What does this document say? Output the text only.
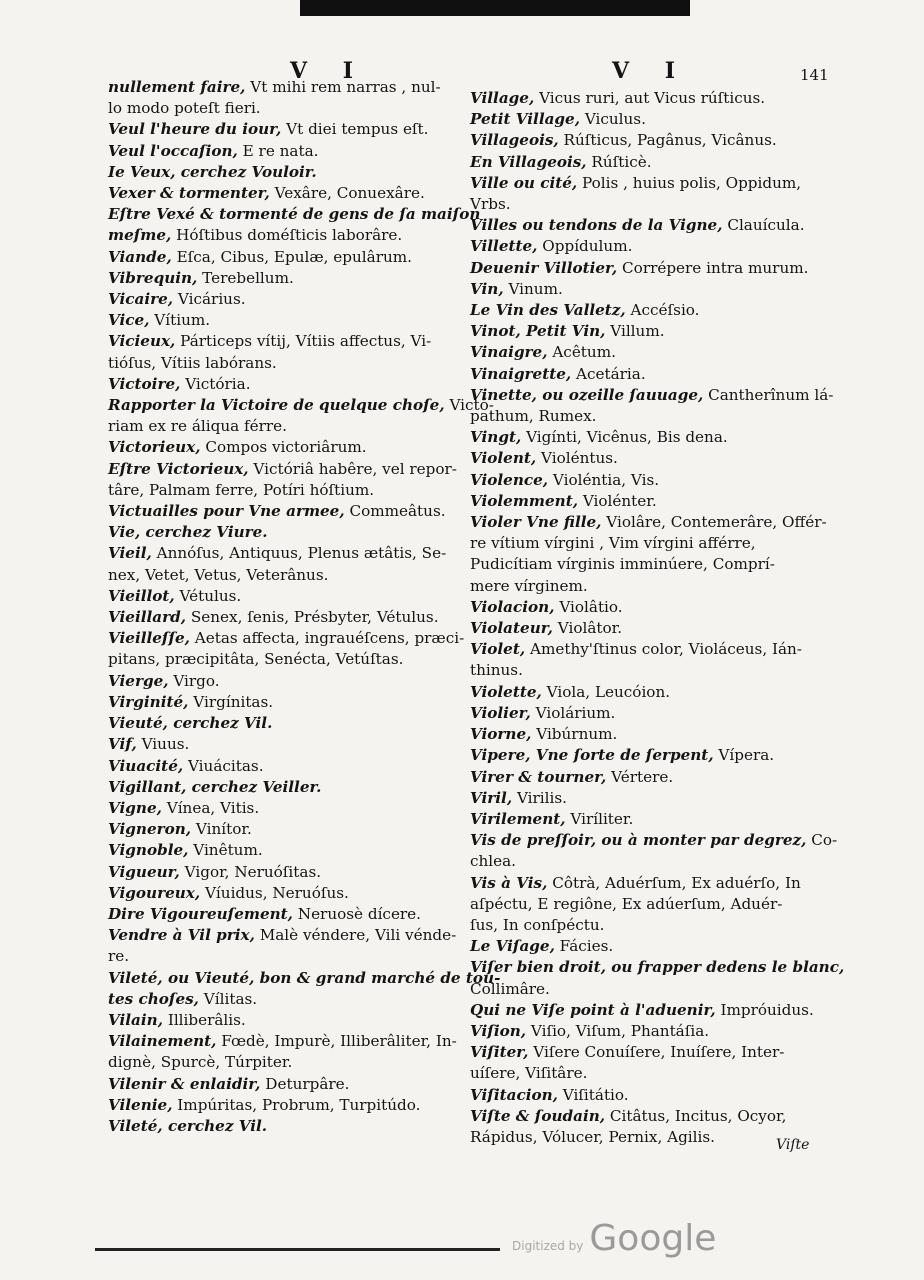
V I	V I	141

nullement faire, Vt mihi rem narras , nul-

lo modo poteſt fieri.

Veul l'heure du iour, Vt diei tempus eſt.

Veul l'occaſion, E re nata.

Ie Veux, cerchez Vouloir.

Vexer & tormenter, Vexâre, Conuexâre.

Eſtre Vexé & tormenté de gens de ſa maiſon

meſme, Hóſtibus doméſticis laborâre.

Viande, Eſca, Cibus, Epulæ, epulârum.

Vibrequin, Terebellum.

Vicaire, Vicárius.

Vice, Vítium.

Vicieux, Párticeps vítij, Vítiis affectus, Vi-

tióſus, Vítiis labórans.

Victoire, Victória.

Rapporter la Victoire de quelque choſe, Victó-

riam ex re áliqua férre.

Victorieux, Compos victoriârum.

Eſtre Victorieux, Victóriâ habêre, vel repor-

târe, Palmam ferre, Potíri hóſtium.

Victuailles pour Vne armee, Commeâtus.

Vie, cerchez Viure.

Vieil, Annóſus, Antiquus, Plenus ætâtis, Se-

nex, Vetet, Vetus, Veterânus.

Vieillot, Vétulus.

Vieillard, Senex, ſenis, Présbyter, Vétulus.

Vieilleſſe, Aetas affecta, ingrauéſcens, præci-

pitans, præcipitâta, Senécta, Vetúſtas.

Vierge, Virgo.

Virginité, Virgínitas.

Vieuté, cerchez Vil.

Vif, Viuus.

Viuacité, Viuácitas.

Vigillant, cerchez Veiller.

Vigne, Vínea, Vitis.

Vigneron, Vinítor.

Vignoble, Vinêtum.

Vigueur, Vigor, Neruóſitas.

Vigoureux, Víuidus, Neruóſus.

Dire Vigoureuſement, Neruosè dícere.

Vendre à Vil prix, Malè véndere, Vili vénde-

re.

Vileté, ou Vieuté, bon & grand marché de tou-

tes choſes, Vílitas.

Vilain, Illiberâlis.

Vilainement, Fœdè, Impurè, Illiberâliter, In-

dignè, Spurcè, Túrpiter.

Vilenir & enlaidir, Deturpâre.

Vilenie, Impúritas, Probrum, Turpitúdo.

Vileté, cerchez Vil.

Village, Vicus ruri, aut Vicus rúſticus.

Petit Village, Viculus.

Villageois, Rúſticus, Pagânus, Vicânus.

En Villageois, Rúſticè.

Ville ou cité, Polis , huius polis, Oppidum,

Vrbs.

Villes ou tendons de la Vigne, Clauícula.

Villette, Oppídulum.

Deuenir Villotier, Corrépere intra murum.

Vin, Vinum.

Le Vin des Valletz, Accéſsio.

Vinot, Petit Vin, Villum.

Vinaigre, Acêtum.

Vinaigrette, Acetária.

Vinette, ou ozeille ſauuage, Cantherînum lá-

pathum, Rumex.

Vingt, Vigínti, Vicênus, Bis dena.

Violent, Violéntus.

Violence, Violéntia, Vis.

Violemment, Violénter.

Violer Vne fille, Violâre, Contemerâre, Offér-

re vítium vírgini , Vim vírgini afférre,

Pudicítiam vírginis imminúere, Comprí-

mere vírginem.

Violacion, Violâtio.

Violateur, Violâtor.

Violet, Amethy'ſtinus color, Violáceus, Ián-

thinus.

Violette, Viola, Leucóion.

Violier, Violárium.

Viorne, Vibúrnum.

Vipere, Vne ſorte de ſerpent, Vípera.

Virer & tourner, Vértere.

Viril, Virilis.

Virilement, Viríliter.

Vis de preſſoir, ou à monter par degrez, Co-

chlea.

Vis à Vis, Côtrà, Aduérſum, Ex aduérſo, In

aſpéctu, E regiône, Ex adúerſum, Aduér-

ſus, In conſpéctu.

Le Viſage, Fácies.

Viſer bien droit, ou frapper dedens le blanc,

Collimâre.

Qui ne Viſe point à l'aduenir, Impróuidus.

Viſion, Viſio, Viſum, Phantáſia.

Viſiter, Viſere Conuíſere, Inuíſere, Inter-

uíſere, Viſitâre.

Viſitacion, Viſitátio.

Viſte & ſoudain, Citâtus, Incitus, Ocyor,

Rápidus, Vólucer, Pernix, Agilis.	Viſte
Digitized by Google
